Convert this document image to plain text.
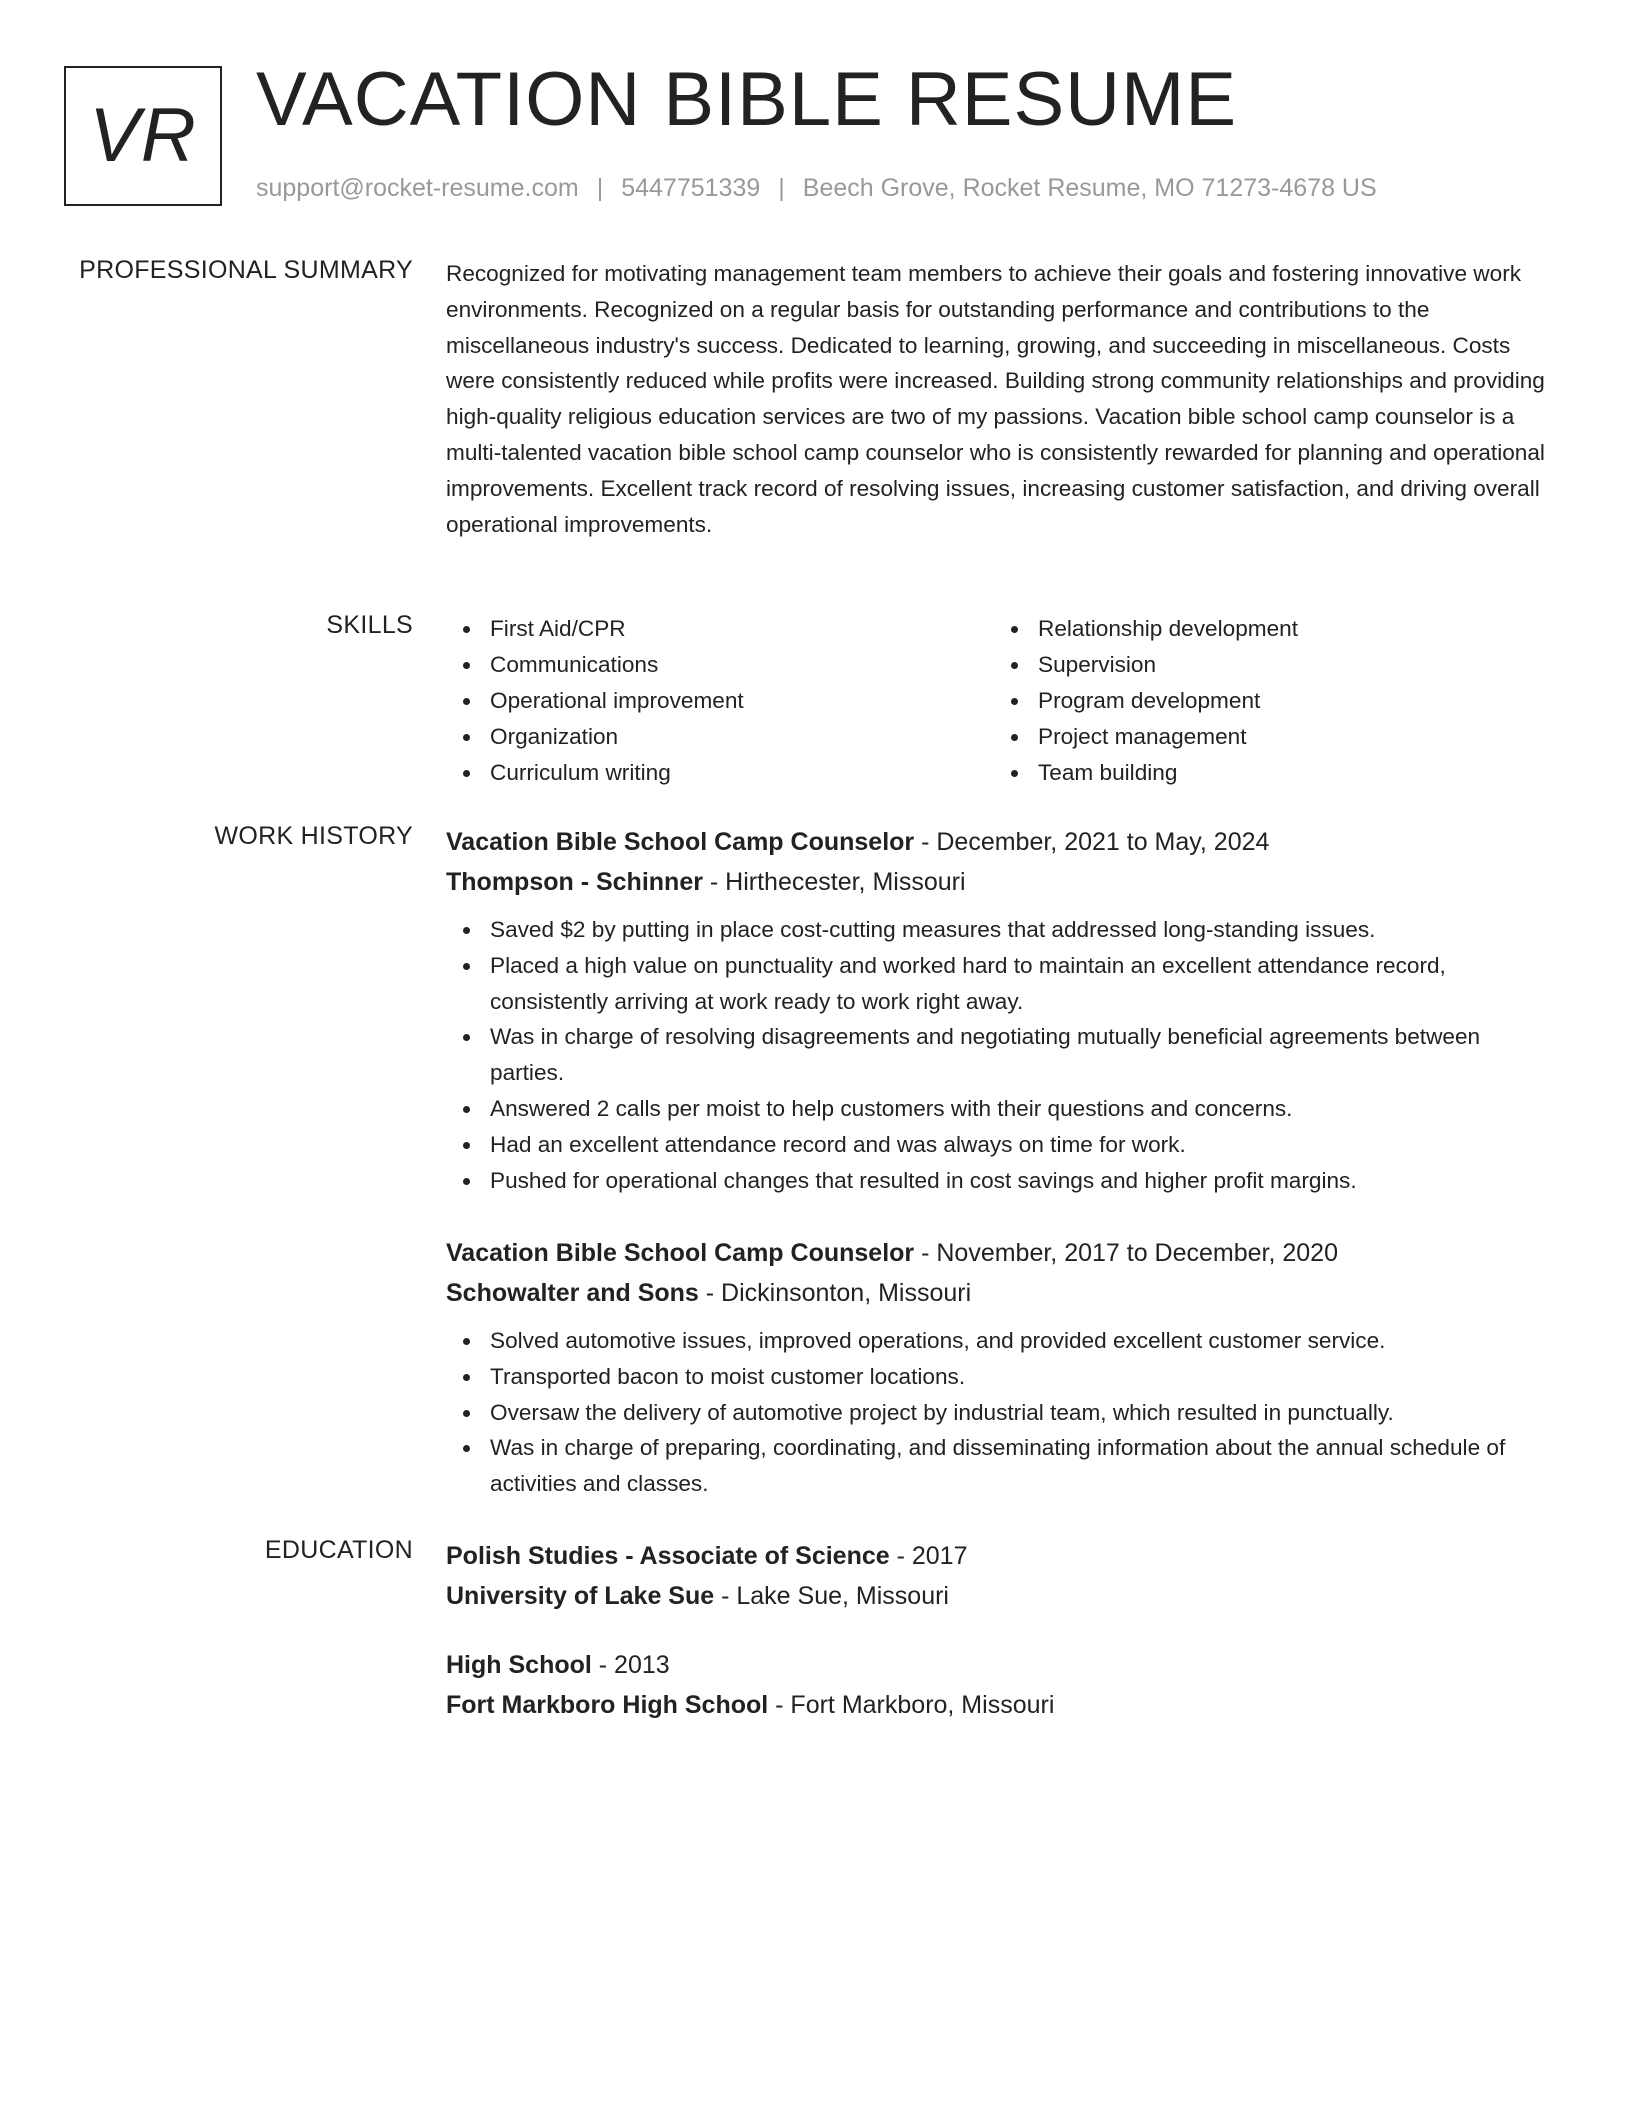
VR VACATION BIBLE RESUME
support@rocket-resume.com | 5447751339 | Beech Grove, Rocket Resume, MO 71273-4678 US
PROFESSIONAL SUMMARY Recognized for motivating management team members to achieve their goals and fostering innovative work environments. Recognized on a regular basis for outstanding performance and contributions to the miscellaneous industry's success. Dedicated to learning, growing, and succeeding in miscellaneous. Costs were consistently reduced while profits were increased. Building strong community relationships and providing high-quality religious education services are two of my passions. Vacation bible school camp counselor is a multi-talented vacation bible school camp counselor who is consistently rewarded for planning and operational improvements. Excellent track record of resolving issues, increasing customer satisfaction, and driving overall operational improvements.

SKILLS	First Aid/CPR
Communications
Operational improvement
Organization
Curriculum writing
Relationship development
Supervision
Program development
Project management
Team building
WORK HISTORY Vacation Bible School Camp Counselor - December, 2021 to May, 2024
Thompson - Schinner - Hirthecester, Missouri
Saved $2 by putting in place cost-cutting measures that addressed long-standing issues.
Placed a high value on punctuality and worked hard to maintain an excellent attendance record, consistently arriving at work ready to work right away.
Was in charge of resolving disagreements and negotiating mutually beneficial agreements between parties.
Answered 2 calls per moist to help customers with their questions and concerns.
Had an excellent attendance record and was always on time for work.
Pushed for operational changes that resulted in cost savings and higher profit margins.
Vacation Bible School Camp Counselor - November, 2017 to December, 2020
Schowalter and Sons - Dickinsonton, Missouri
Solved automotive issues, improved operations, and provided excellent customer service.
Transported bacon to moist customer locations.
Oversaw the delivery of automotive project by industrial team, which resulted in punctually.
Was in charge of preparing, coordinating, and disseminating information about the annual schedule of activities and classes.
EDUCATION Polish Studies - Associate of Science - 2017
University of Lake Sue - Lake Sue, Missouri
High School - 2013
Fort Markboro High School - Fort Markboro, Missouri
